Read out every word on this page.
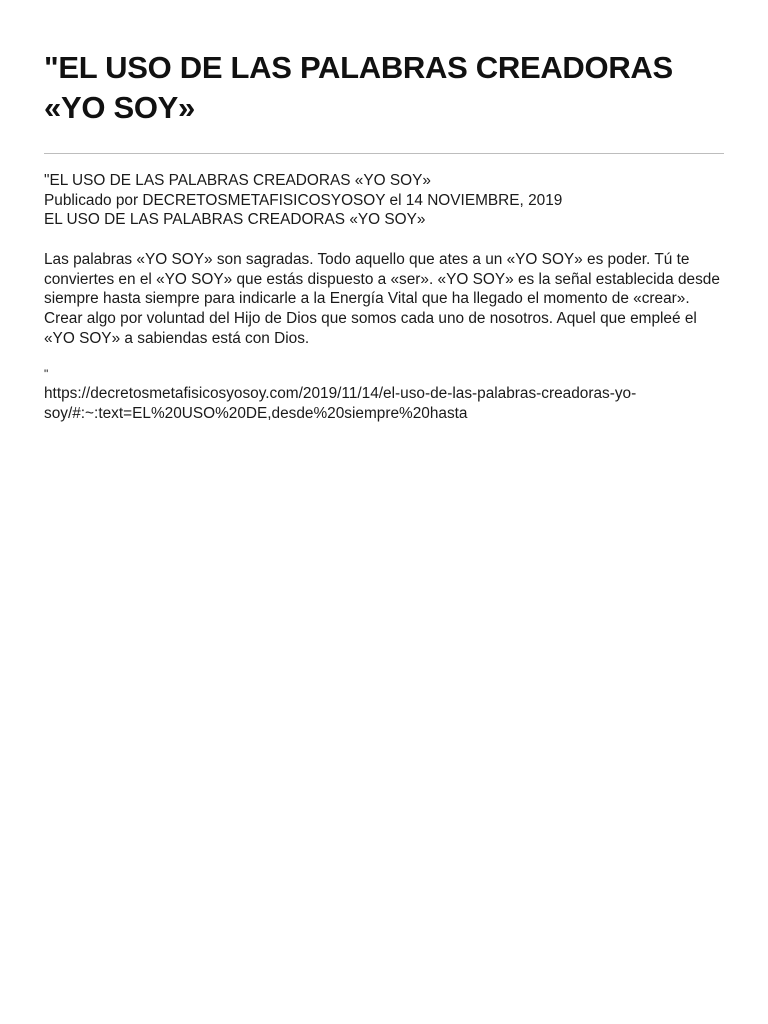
"EL USO DE LAS PALABRAS CREADORAS «YO SOY»
"EL USO DE LAS PALABRAS CREADORAS «YO SOY»
Publicado por DECRETOSMETAFISICOSYOSOY el 14 NOVIEMBRE, 2019
EL USO DE LAS PALABRAS CREADORAS «YO SOY»
Las palabras «YO SOY» son sagradas. Todo aquello que ates a un «YO SOY» es poder. Tú te
conviertes en el «YO SOY» que estás dispuesto a «ser». «YO SOY» es la señal establecida desde
siempre hasta siempre para indicarle a la Energía Vital que ha llegado el momento de «crear».
Crear algo por voluntad del Hijo de Dios que somos cada uno de nosotros. Aquel que empleé el
«YO SOY» a sabiendas está con Dios.
"
https://decretosmetafisicosyosoy.com/2019/11/14/el-uso-de-las-palabras-creadoras-yo-
soy/#:~:text=EL%20USO%20DE,desde%20siempre%20hasta
